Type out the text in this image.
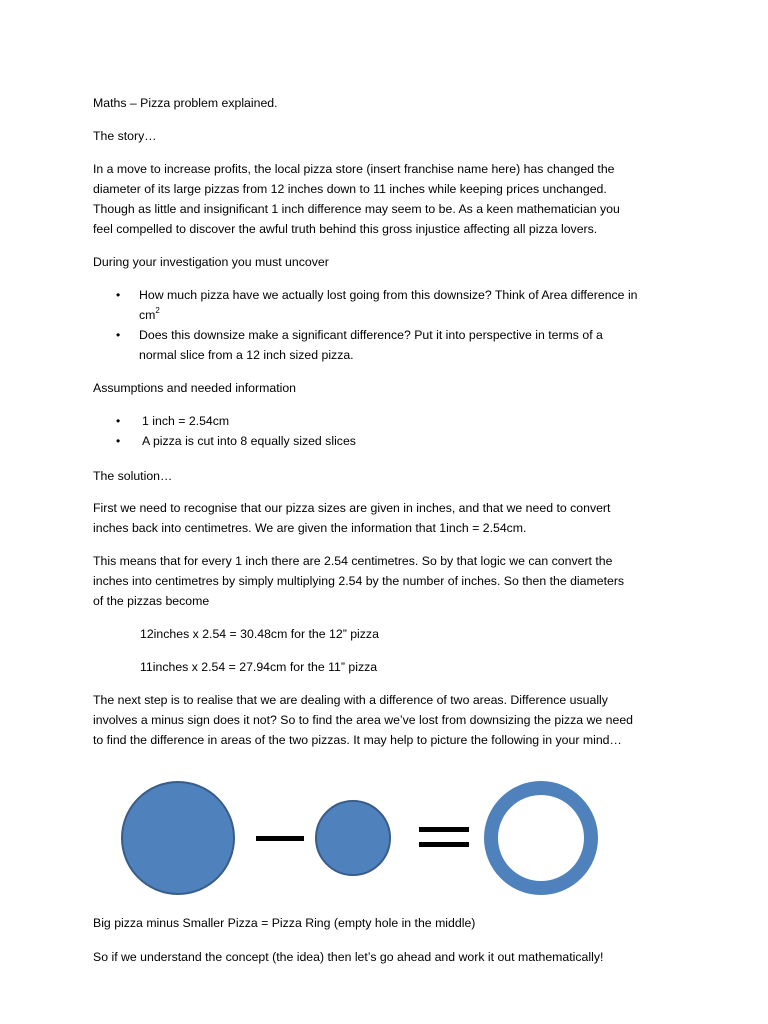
Maths – Pizza problem explained.

The story…

In a move to increase profits, the local pizza store (insert franchise name here) has changed the
diameter of its large pizzas from 12 inches down to 11 inches while keeping prices unchanged.
Though as little and insignificant 1 inch difference may seem to be. As a keen mathematician you
feel compelled to discover the awful truth behind this gross injustice affecting all pizza lovers.

During your investigation you must uncover

• How much pizza have we actually lost going from this downsize? Think of Area difference in
$cm^2$
• Does this downsize make a significant difference? Put it into perspective in terms of a
normal slice from a 12 inch sized pizza.

Assumptions and needed information

• 1 inch = 2.54cm
• A pizza is cut into 8 equally sized slices

The solution…

First we need to recognise that our pizza sizes are given in inches, and that we need to convert
inches back into centimetres. We are given the information that 1inch = 2.54cm.

This means that for every 1 inch there are 2.54 centimetres. So by that logic we can convert the
inches into centimetres by simply multiplying 2.54 by the number of inches. So then the diameters
of the pizzas become

12inches x 2.54 = 30.48cm for the 12” pizza

11inches x 2.54 = 27.94cm for the 11” pizza

The next step is to realise that we are dealing with a difference of two areas. Difference usually
involves a minus sign does it not? So to find the area we’ve lost from downsizing the pizza we need
to find the difference in areas of the two pizzas. It may help to picture the following in your mind…

Big pizza minus Smaller Pizza = Pizza Ring (empty hole in the middle)

So if we understand the concept (the idea) then let’s go ahead and work it out mathematically!
